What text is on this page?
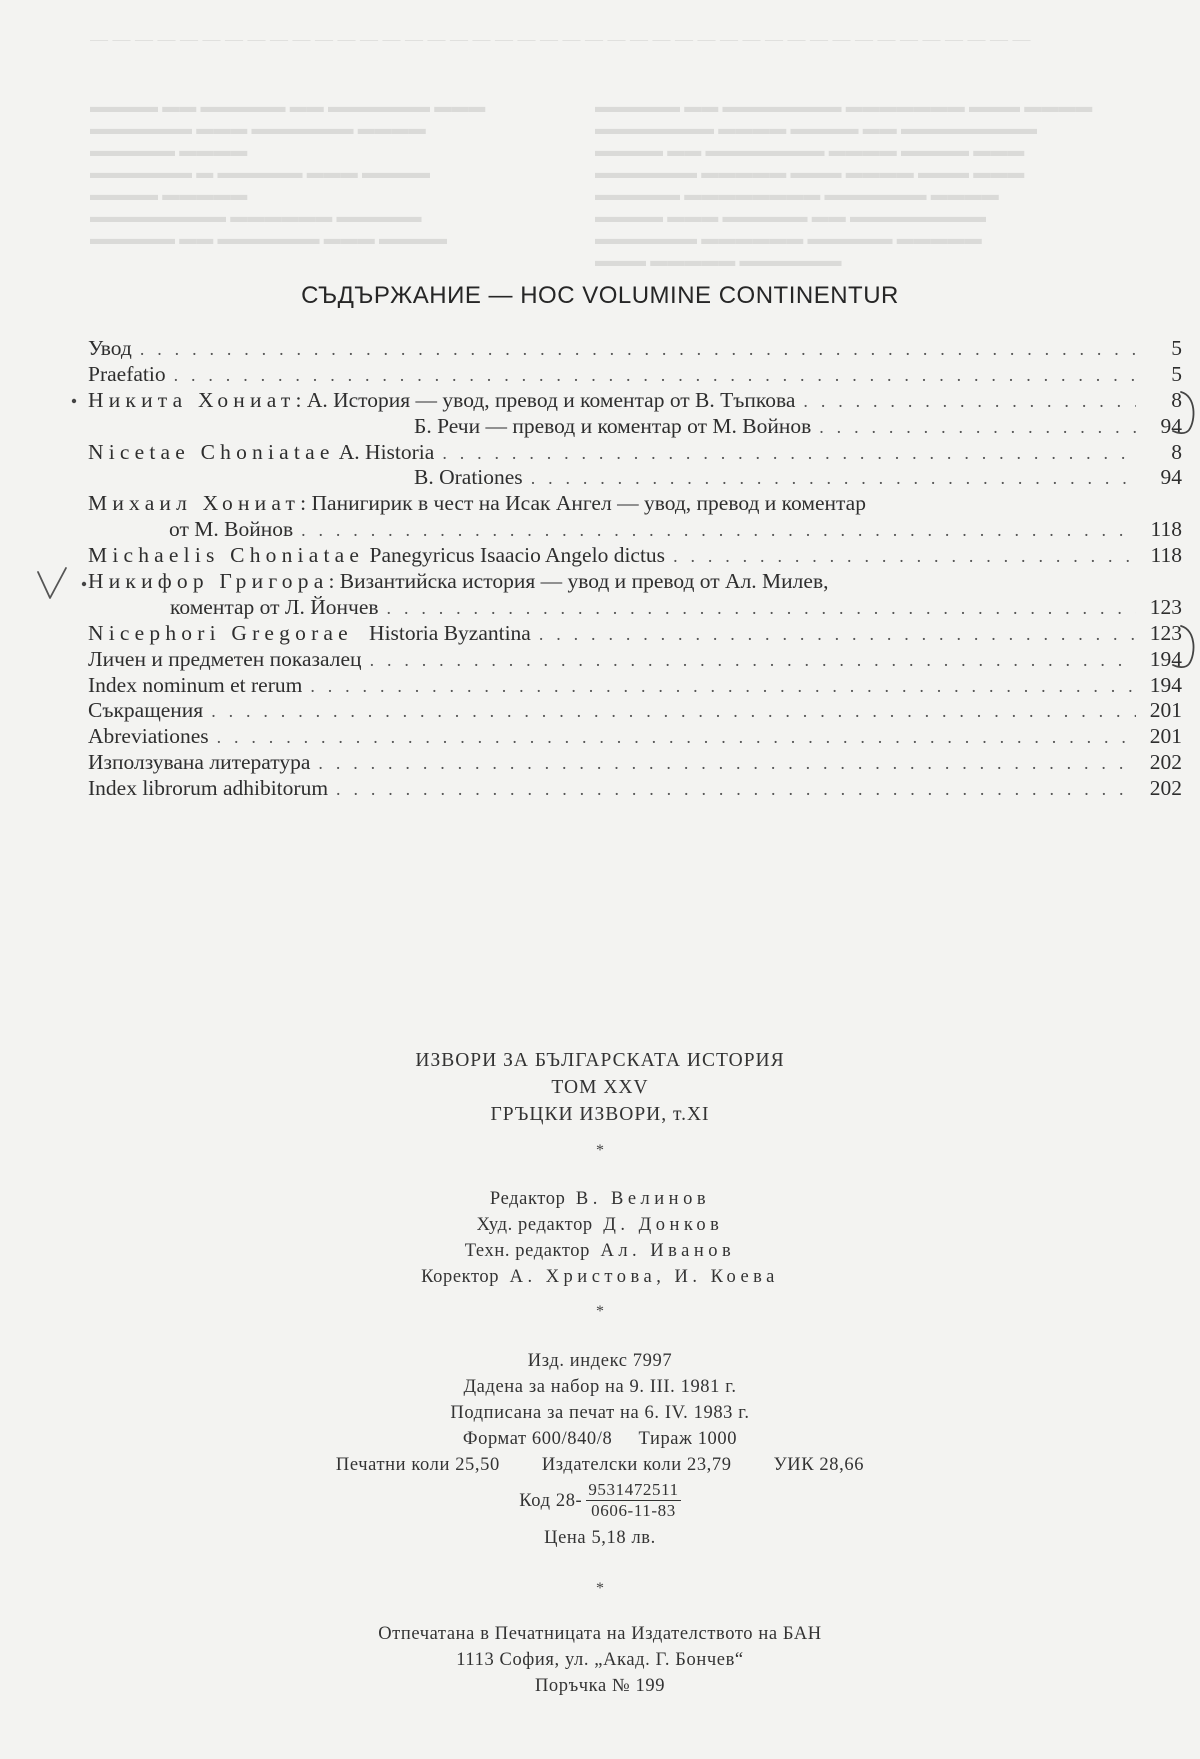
— — — — — — — — — — — — — — — — — — — — — — — — — — — — — — — — — — — — — — — — — —
▬▬▬▬ ▬▬ ▬▬▬▬▬ ▬▬ ▬▬▬▬▬▬ ▬▬▬
▬▬▬▬▬▬ ▬▬▬ ▬▬▬▬▬▬ ▬▬▬▬
▬▬▬▬▬ ▬▬▬▬
▬▬▬▬▬▬ ▬ ▬▬▬▬▬ ▬▬▬ ▬▬▬▬
▬▬▬▬ ▬▬▬▬▬
▬▬▬▬▬▬▬▬ ▬▬▬▬▬▬ ▬▬▬▬▬
▬▬▬▬▬ ▬▬ ▬▬▬▬▬▬ ▬▬▬ ▬▬▬▬
▬▬▬▬▬ ▬▬ ▬▬▬▬▬▬▬ ▬▬▬▬▬▬▬ ▬▬▬ ▬▬▬▬
▬▬▬▬▬▬▬ ▬▬▬▬ ▬▬▬▬ ▬▬ ▬▬▬▬▬▬▬▬
▬▬▬▬ ▬▬ ▬▬▬▬▬▬▬ ▬▬▬▬ ▬▬▬▬ ▬▬▬
▬▬▬▬▬▬ ▬▬▬▬▬ ▬▬▬ ▬▬▬▬ ▬▬▬ ▬▬▬
▬▬▬▬▬ ▬▬▬▬▬▬▬▬ ▬▬▬▬▬▬ ▬▬▬▬
▬▬▬▬ ▬▬▬ ▬▬▬▬▬ ▬▬ ▬▬▬▬▬▬▬▬
▬▬▬▬▬▬ ▬▬▬▬▬▬ ▬▬▬▬▬ ▬▬▬▬▬
▬▬▬ ▬▬▬▬▬ ▬▬▬▬▬▬
СЪДЪРЖАНИЕ — HOC VOLUMINE CONTINENTUR
Увод . . .	5
Praefatio . . .	5
Никита Хониат: А. История — увод, превод и коментар от В. Тъпкова . . .	8
Б. Речи — превод и коментар от М. Войнов . . .	94
Nicetae Choniatae A. Historia . . .	8
B. Orationes . . .	94
Михаил Хониат: Панигирик в чест на Исак Ангел — увод, превод и коментар
от М. Войнов . . .	118
Michaelis Choniatae Panegyricus Isaacio Angelo dictus . . .	118
Никифор Григора: Византийска история — увод и превод от Ал. Милев,
коментар от Л. Йончев . . .	123
Nicephori Gregorae   Historia Byzantina . . .	123
Личен и предметен показалец . . .	194
Index nominum et rerum . . .	194
Съкращения . . .	201
Abreviationes . . .	201
Използувана литература . . .	202
Index librorum adhibitorum . . .	202
ИЗВОРИ ЗА БЪЛГАРСКАТА ИСТОРИЯ
ТОМ XXV
ГРЪЦКИ ИЗВОРИ, т.XI
*
Редактор В. Велинов
Худ. редактор Д. Донков
Техн. редактор Ал. Иванов
Коректор А. Христова, И. Коева
*
Изд. индекс 7997
Дадена за набор на 9. III. 1981 г.
Подписана за печат на 6. IV. 1983 г.
Формат 600/840/8 Тираж 1000
Печатни коли 25,50 Издателски коли 23,79 УИК 28,66
Код $28- \frac{9531472511}{0606-11-83}$
Цена 5,18 лв.
*
Отпечатана в Печатницата на Издателството на БАН
1113 София, ул. „Акад. Г. Бончев“
Поръчка № 199
